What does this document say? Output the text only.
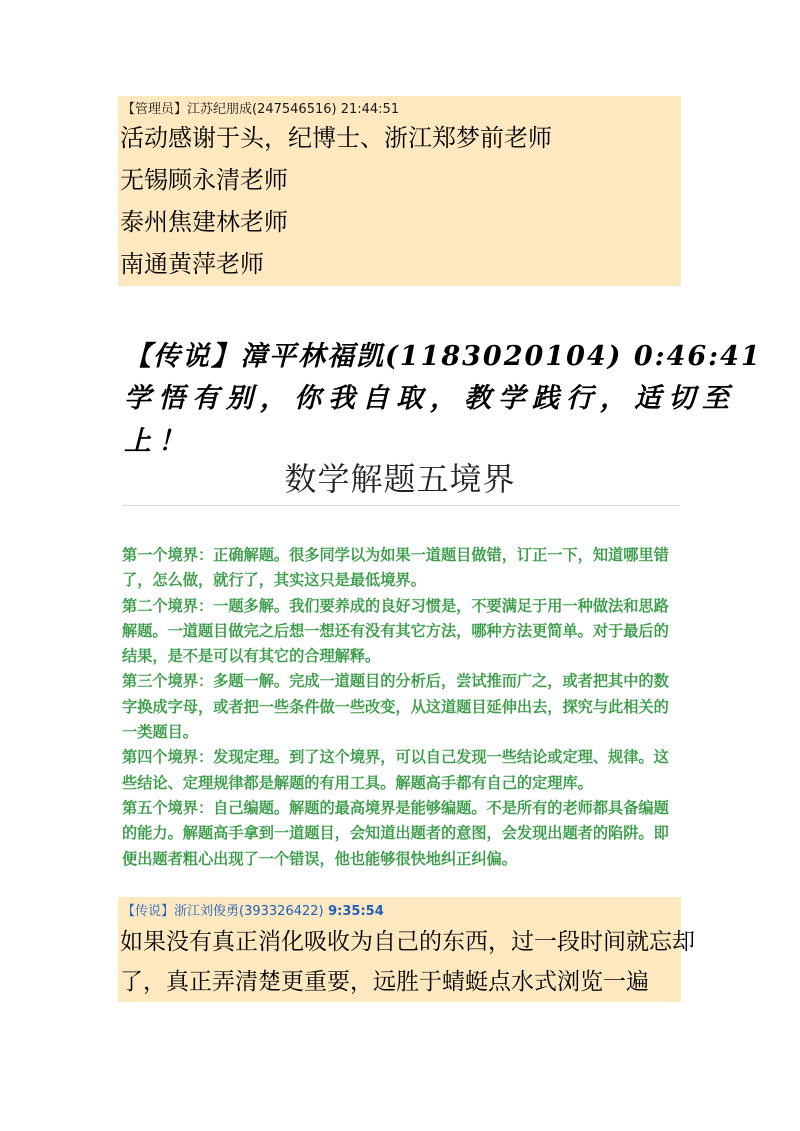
【管理员】江苏纪朋成(247546516) 21:44:51
活动感谢于头，纪博士、浙江郑梦前老师
无锡顾永清老师
泰州焦建林老师
南通黄萍老师
【传说】漳平林福凯(1183020104) 0:46:41
学悟有别，你我自取，教学践行，适切至
上！
数学解题五境界

第一个境界：正确解题。很多同学以为如果一道题目做错，订正一下，知道哪里错了，怎么做，就行了，其实这只是最低境界。

第二个境界：一题多解。我们要养成的良好习惯是，不要满足于用一种做法和思路解题。一道题目做完之后想一想还有没有其它方法，哪种方法更简单。对于最后的结果，是不是可以有其它的合理解释。

第三个境界：多题一解。完成一道题目的分析后，尝试推而广之，或者把其中的数字换成字母，或者把一些条件做一些改变，从这道题目延伸出去，探究与此相关的一类题目。

第四个境界：发现定理。到了这个境界，可以自己发现一些结论或定理、规律。这些结论、定理规律都是解题的有用工具。解题高手都有自己的定理库。

第五个境界：自己编题。解题的最高境界是能够编题。不是所有的老师都具备编题的能力。解题高手拿到一道题目，会知道出题者的意图，会发现出题者的陷阱。即便出题者粗心出现了一个错误，他也能够很快地纠正纠偏。

【传说】浙江刘俊勇(393326422) 9:35:54
如果没有真正消化吸收为自己的东西，过一段时间就忘却
了，真正弄清楚更重要，远胜于蜻蜓点水式浏览一遍
